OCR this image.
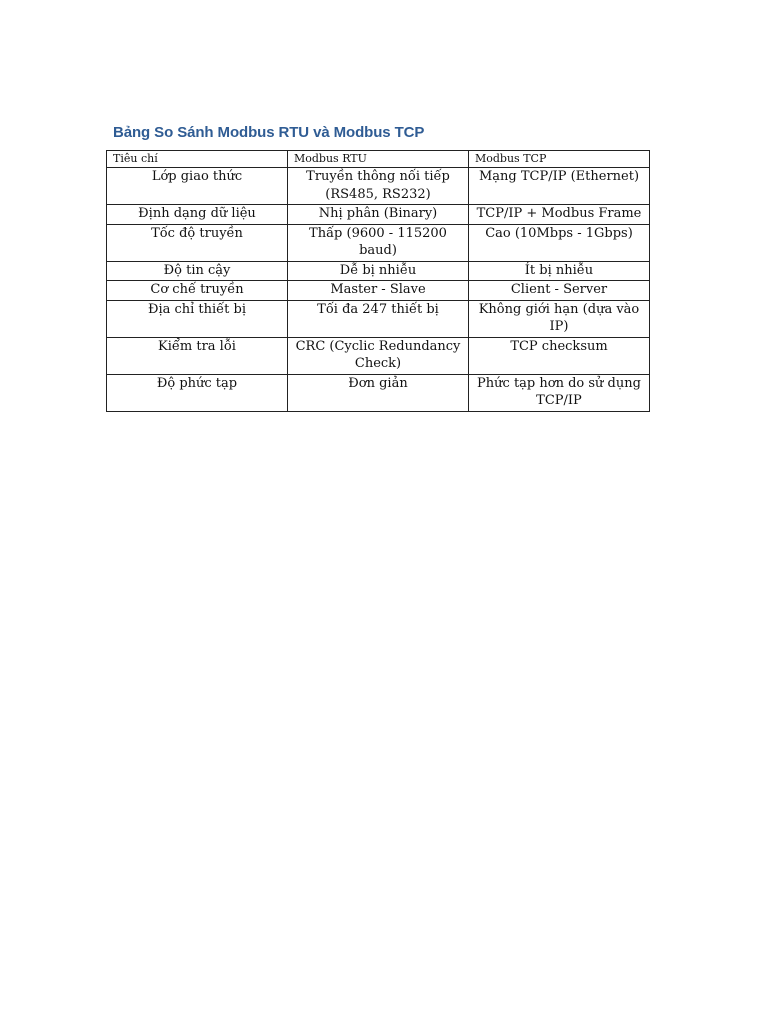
Bảng So Sánh Modbus RTU và Modbus TCP
Tiêu chí	Modbus RTU	Modbus TCP
Lớp giao thức	Truyền thông nối tiếp (RS485, RS232)	Mạng TCP/IP (Ethernet)
Định dạng dữ liệu	Nhị phân (Binary)	TCP/IP + Modbus Frame
Tốc độ truyền	Thấp (9600 - 115200 baud)	Cao (10Mbps - 1Gbps)
Độ tin cậy	Dễ bị nhiễu	Ít bị nhiễu
Cơ chế truyền	Master - Slave	Client - Server
Địa chỉ thiết bị	Tối đa 247 thiết bị	Không giới hạn (dựa vào IP)
Kiểm tra lỗi	CRC (Cyclic Redundancy Check)	TCP checksum
Độ phức tạp	Đơn giản	Phức tạp hơn do sử dụng TCP/IP
